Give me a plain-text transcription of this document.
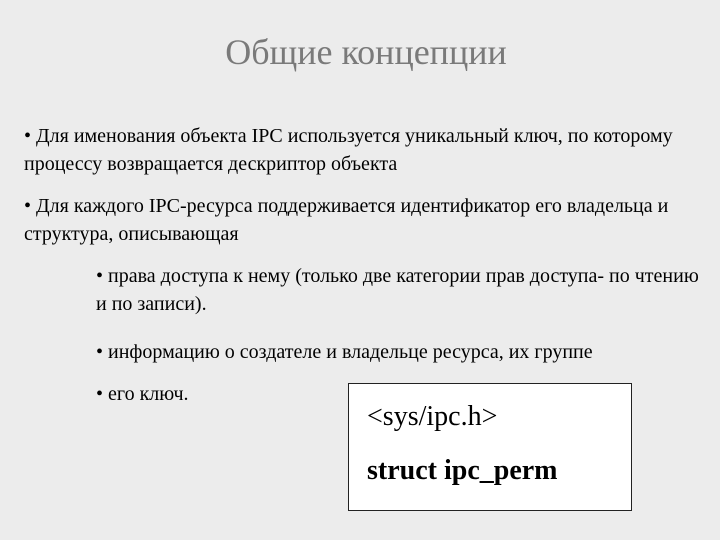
Общие концепции

• Для именования объекта IPC используется уникальный ключ, по которому процессу возвращается дескриптор объекта

• Для каждого IPC-ресурса поддерживается идентификатор его владельца и структура, описывающая

• права доступа к нему (только две категории прав доступа- по чтению и по записи).

• информацию о создателе и владельце ресурса, их группе

• его ключ.

<sys/ipc.h>
struct ipc_perm
